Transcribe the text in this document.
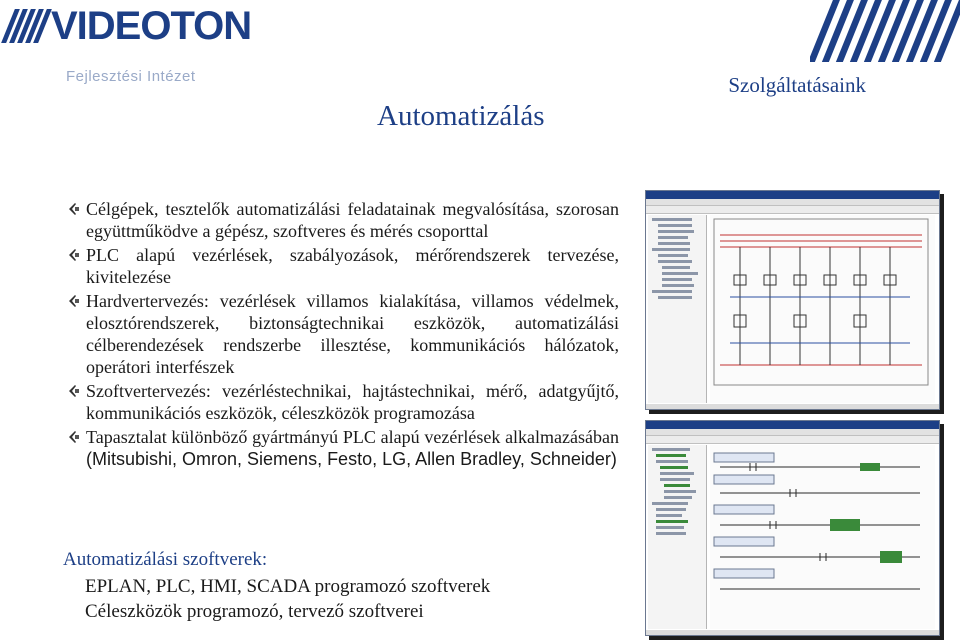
VIDEOTON
Fejlesztési Intézet	Szolgáltatásaink
Automatizálás
Célgépek, tesztelők automatizálási feladatainak megvalósítása, szorosan együttműködve a gépész, szoftveres és mérés csoporttal
PLC alapú vezérlések, szabályozások, mérőrendszerek tervezése, kivitelezése
Hardvertervezés: vezérlések villamos kialakítása, villamos védelmek, elosztórendszerek, biztonságtechnikai eszközök, automatizálási célberendezések rendszerbe illesztése, kommunikációs hálózatok, operátori interfészek
Szoftvertervezés: vezérléstechnikai, hajtástechnikai, mérő, adatgyűjtő, kommunikációs eszközök, céleszközök programozása
Tapasztalat különböző gyártmányú PLC alapú vezérlések alkalmazásában (Mitsubishi, Omron, Siemens, Festo, LG, Allen Bradley, Schneider)
Automatizálási szoftverek:
EPLAN, PLC, HMI, SCADA programozó szoftverek
Céleszközök programozó, tervező szoftverei
